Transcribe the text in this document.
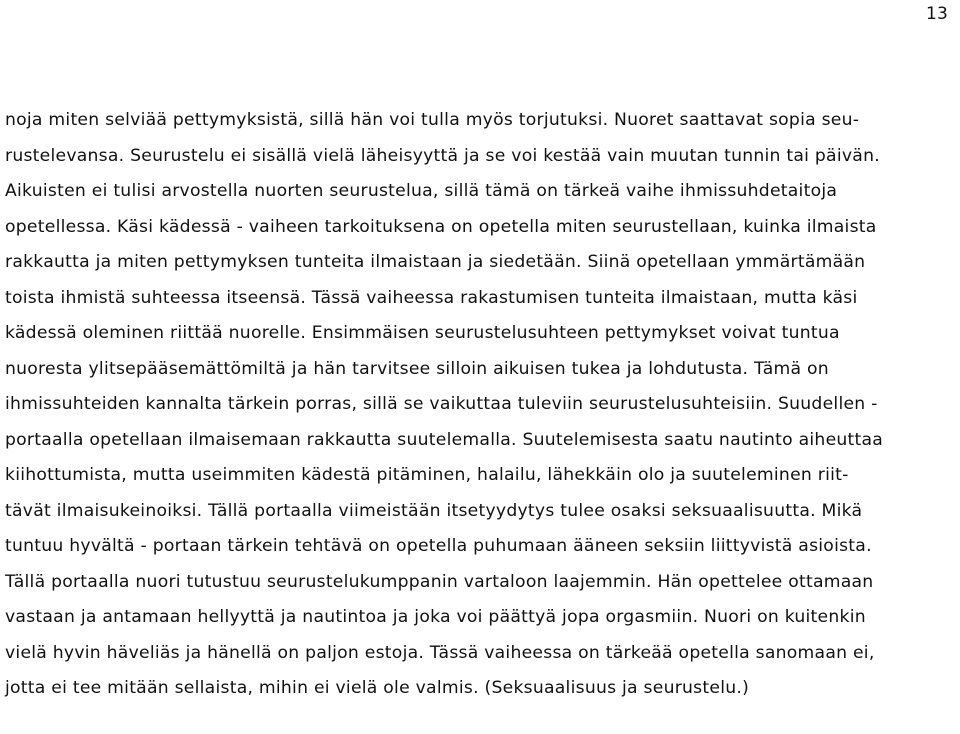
13
noja miten selviää pettymyksistä, sillä hän voi tulla myös torjutuksi. Nuoret saattavat sopia seu-
rustelevansa. Seurustelu ei sisällä vielä läheisyyttä ja se voi kestää vain muutan tunnin tai päivän.
Aikuisten ei tulisi arvostella nuorten seurustelua, sillä tämä on tärkeä vaihe ihmissuhdetaitoja
opetellessa. Käsi kädessä - vaiheen tarkoituksena on opetella miten seurustellaan, kuinka ilmaista
rakkautta ja miten pettymyksen tunteita ilmaistaan ja siedetään. Siinä opetellaan ymmärtämään
toista ihmistä suhteessa itseensä. Tässä vaiheessa rakastumisen tunteita ilmaistaan, mutta käsi
kädessä oleminen riittää nuorelle. Ensimmäisen seurustelusuhteen pettymykset voivat tuntua
nuoresta ylitsepääsemättömiltä ja hän tarvitsee silloin aikuisen tukea ja lohdutusta. Tämä on
ihmissuhteiden kannalta tärkein porras, sillä se vaikuttaa tuleviin seurustelusuhteisiin. Suudellen -
portaalla opetellaan ilmaisemaan rakkautta suutelemalla. Suutelemisesta saatu nautinto aiheuttaa
kiihottumista, mutta useimmiten kädestä pitäminen, halailu, lähekkäin olo ja suuteleminen riit-
tävät ilmaisukeinoiksi. Tällä portaalla viimeistään itsetyydytys tulee osaksi seksuaalisuutta. Mikä
tuntuu hyvältä - portaan tärkein tehtävä on opetella puhumaan ääneen seksiin liittyvistä asioista.
Tällä portaalla nuori tutustuu seurustelukumppanin vartaloon laajemmin. Hän opettelee ottamaan
vastaan ja antamaan hellyyttä ja nautintoa ja joka voi päättyä jopa orgasmiin. Nuori on kuitenkin
vielä hyvin häveliäs ja hänellä on paljon estoja. Tässä vaiheessa on tärkeää opetella sanomaan ei,
jotta ei tee mitään sellaista, mihin ei vielä ole valmis. (Seksuaalisuus ja seurustelu.)
